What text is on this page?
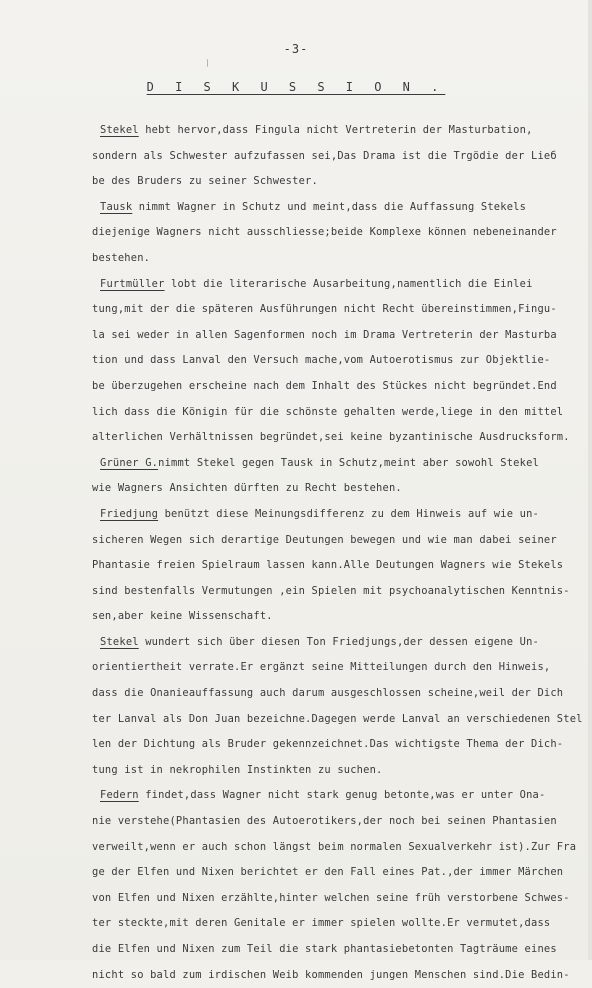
-3-
⁄
D I S K U S S I O N .
Stekel hebt hervor,dass Fingula nicht Vertreterin der Masturbation,
sondern als Schwester aufzufassen sei,Das Drama ist die Trgödie der Lieб
be des Bruders zu seiner Schwester.
Tausk nimmt Wagner in Schutz und meint,dass die Auffassung Stekels
diejenige Wagners nicht ausschliesse;beide Komplexe können nebeneinander
bestehen.
Furtmüller lobt die literarische Ausarbeitung,namentlich die Einlei
tung,mit der die späteren Ausführungen nicht Recht übereinstimmen,Fingu-
la sei weder in allen Sagenformen noch im Drama Vertreterin der Masturba
tion und dass Lanval den Versuch mache,vom Autoerotismus zur Objektlie-
be überzugehen erscheine nach dem Inhalt des Stückes nicht begründet.End
lich dass die Königin für die schönste gehalten werde,liege in den mittel
alterlichen Verhältnissen begründet,sei keine byzantinische Ausdrucksform.
Grüner G.nimmt Stekel gegen Tausk in Schutz,meint aber sowohl Stekel
wie Wagners Ansichten dürften zu Recht bestehen.
Friedjung benützt diese Meinungsdifferenz zu dem Hinweis auf wie un-
sicheren Wegen sich derartige Deutungen bewegen und wie man dabei seiner
Phantasie freien Spielraum lassen kann.Alle Deutungen Wagners wie Stekels
sind bestenfalls Vermutungen ,ein Spielen mit psychoanalytischen Kenntnis-
sen,aber keine Wissenschaft.
Stekel wundert sich über diesen Ton Friedjungs,der dessen eigene Un-
orientiertheit verrate.Er ergänzt seine Mitteilungen durch den Hinweis,
dass die Onanieauffassung auch darum ausgeschlossen scheine,weil der Dich
ter Lanval als Don Juan bezeichne.Dagegen werde Lanval an verschiedenen Stel
len der Dichtung als Bruder gekennzeichnet.Das wichtigste Thema der Dich-
tung ist in nekrophilen Instinkten zu suchen.
Federn findet,dass Wagner nicht stark genug betonte,was er unter Ona-
nie verstehe(Phantasien des Autoerotikers,der noch bei seinen Phantasien
verweilt,wenn er auch schon längst beim normalen Sexualverkehr ist).Zur Fra
ge der Elfen und Nixen berichtet er den Fall eines Pat.,der immer Märchen
von Elfen und Nixen erzählte,hinter welchen seine früh verstorbene Schwes-
ter steckte,mit deren Genitale er immer spielen wollte.Er vermutet,dass
die Elfen und Nixen zum Teil die stark phantasiebetonten Tagträume eines
nicht so bald zum irdischen Weib kommenden jungen Menschen sind.Die Bedin-
